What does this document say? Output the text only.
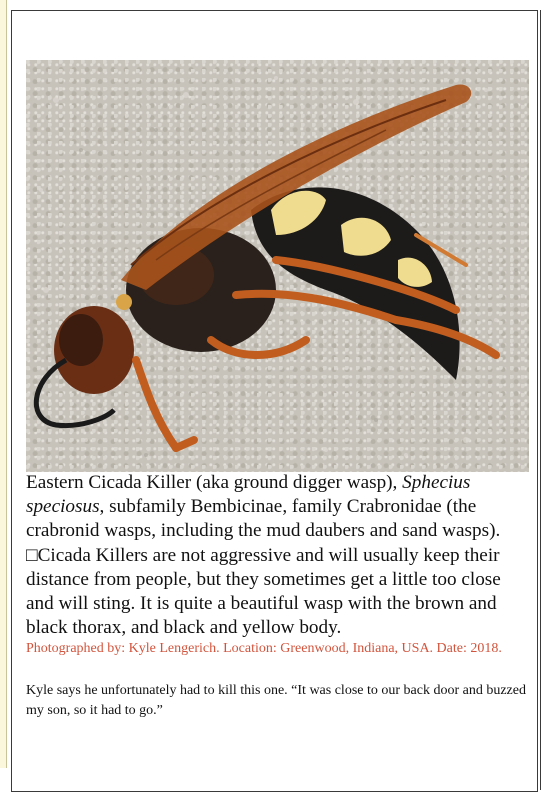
Eastern Cicada Killer (aka ground digger wasp), Sphecius speciosus, subfamily Bembicinae, family Crabronidae (the crabronid wasps, including the mud daubers and sand wasps). □Cicada Killers are not aggressive and will usually keep their distance from people, but they sometimes get a little too close and will sting. It is quite a beautiful wasp with the brown and black thorax, and black and yellow body.
Photographed by: Kyle Lengerich. Location: Greenwood, Indiana, USA. Date: 2018.
Kyle says he unfortunately had to kill this one. “It was close to our back door and buzzed my son, so it had to go.”
